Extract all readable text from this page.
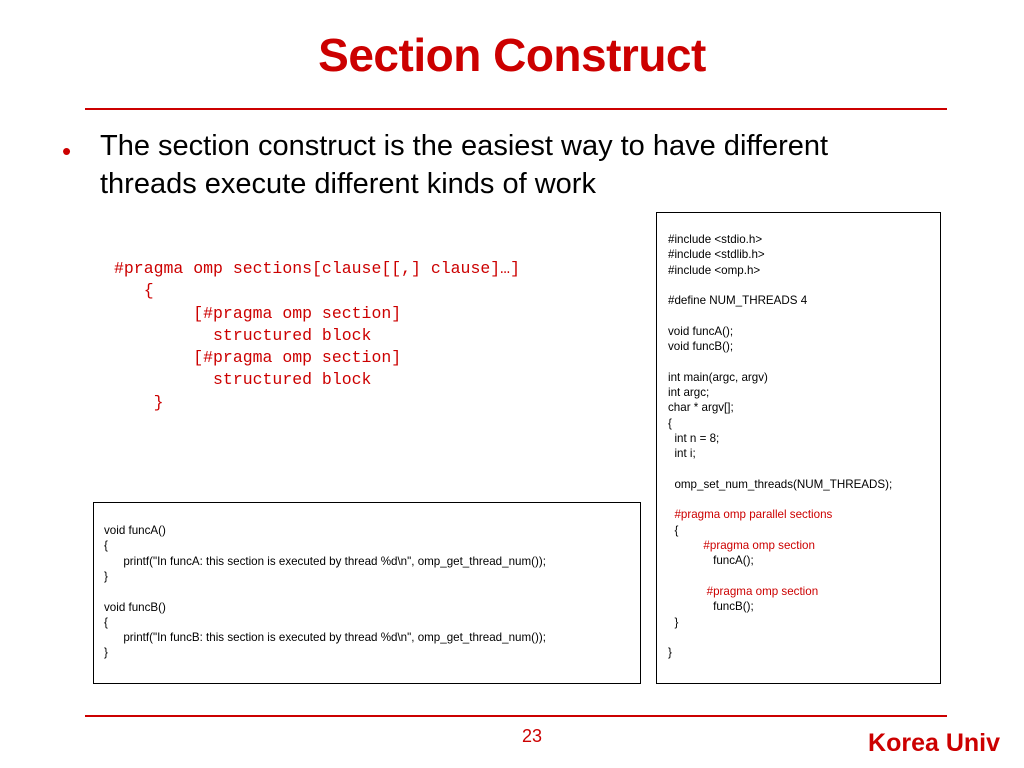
Section Construct
• The section construct is the easiest way to have different threads execute different kinds of work
#pragma omp sections[clause[[,] clause]…]
{
[#pragma omp section]
structured block
[#pragma omp section]
structured block
}
void funcA()
{
printf("In funcA: this section is executed by thread %d\n", omp_get_thread_num());
}
void funcB()
{
printf("In funcB: this section is executed by thread %d\n", omp_get_thread_num());
}
#include <stdio.h>
#include <stdlib.h>
#include <omp.h>
#define NUM_THREADS 4
void funcA();
void funcB();
int main(argc, argv)
int argc;
char * argv[];
{
int n = 8;
int i;
omp_set_num_threads(NUM_THREADS);
#pragma omp parallel sections
{
#pragma omp section
funcA();
#pragma omp section
funcB();
}
}
23	Korea Univ
